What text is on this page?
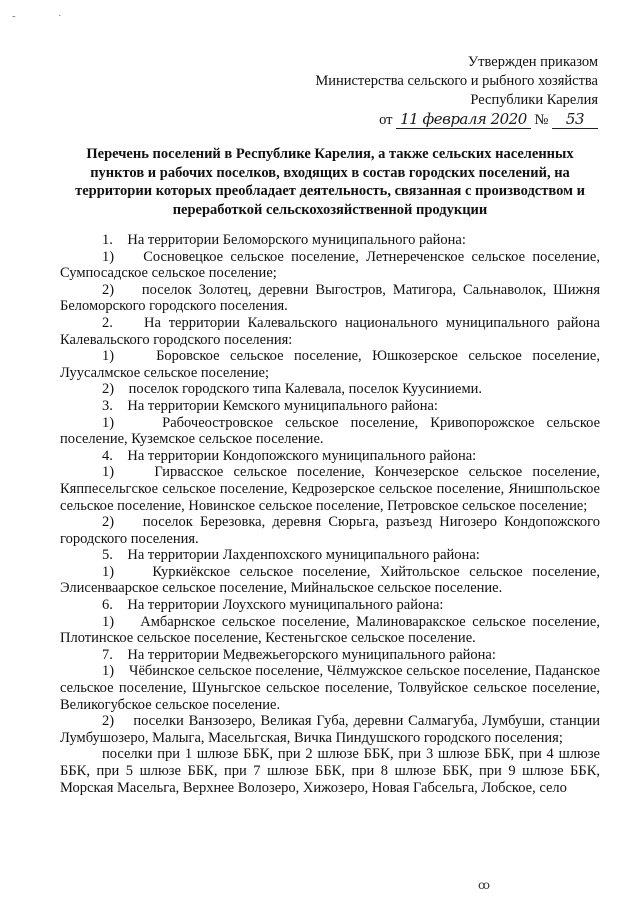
-	·
Утвержден приказом
Министерства сельского и рыбного хозяйства
Республики Карелия
от 11 февраля 2020 № 53
Перечень поселений в Республике Карелия, а также сельских населенных пунктов и рабочих поселков, входящих в состав городских поселений, на территории которых преобладает деятельность, связанная с производством и переработкой сельскохозяйственной продукции

1.    На территории Беломорского муниципального района:

1)    Сосновецкое сельское поселение, Летнереченское сельское поселение, Сумпосадское сельское поселение;

2)    поселок Золотец, деревни Выгостров, Матигора, Сальнаволок, Шижня Беломорского городского поселения.

2.    На территории Калевальского национального муниципального района Калевальского городского поселения:

1)    Боровское сельское поселение, Юшкозерское сельское поселение, Луусалмское сельское поселение;

2)    поселок городского типа Калевала, поселок Куусиниеми.

3.    На территории Кемского муниципального района:

1)    Рабочеостровское сельское поселение, Кривопорожское сельское поселение, Куземское сельское поселение.

4.    На территории Кондопожского муниципального района:

1)    Гирвасское сельское поселение, Кончезерское сельское поселение, Кяппесельгское сельское поселение, Кедрозерское сельское поселение, Янишпольское сельское поселение, Новинское сельское поселение, Петровское сельское поселение;

2)    поселок Березовка, деревня Сюрьга, разъезд Нигозеро Кондопожского городского поселения.

5.    На территории Лахденпохского муниципального района:

1)    Куркиёкское сельское поселение, Хийтольское сельское поселение, Элисенваарское сельское поселение, Мийнальское сельское поселение.

6.    На территории Лоухского муниципального района:

1)    Амбарнское сельское поселение, Малиноваракское сельское поселение, Плотинское сельское поселение, Кестеньгское сельское поселение.

7.    На территории Медвежьегорского муниципального района:

1)    Чёбинское сельское поселение, Чёлмужское сельское поселение, Паданское сельское поселение, Шуньгское сельское поселение, Толвуйское сельское поселение, Великогубское сельское поселение.

2)    поселки Ванзозеро, Великая Губа, деревни Салмагуба, Лумбуши, станции Лумбушозеро, Малыга, Масельгская, Вичка Пиндушского городского поселения;

поселки при 1 шлюзе ББК, при 2 шлюзе ББК, при 3 шлюзе ББК, при 4 шлюзе ББК, при 5 шлюзе ББК, при 7 шлюзе ББК, при 8 шлюзе ББК, при 9 шлюзе ББК, Морская Масельга, Верхнее Волозеро, Хижозеро, Новая Габсельга, Лобское, село

ꝏ
